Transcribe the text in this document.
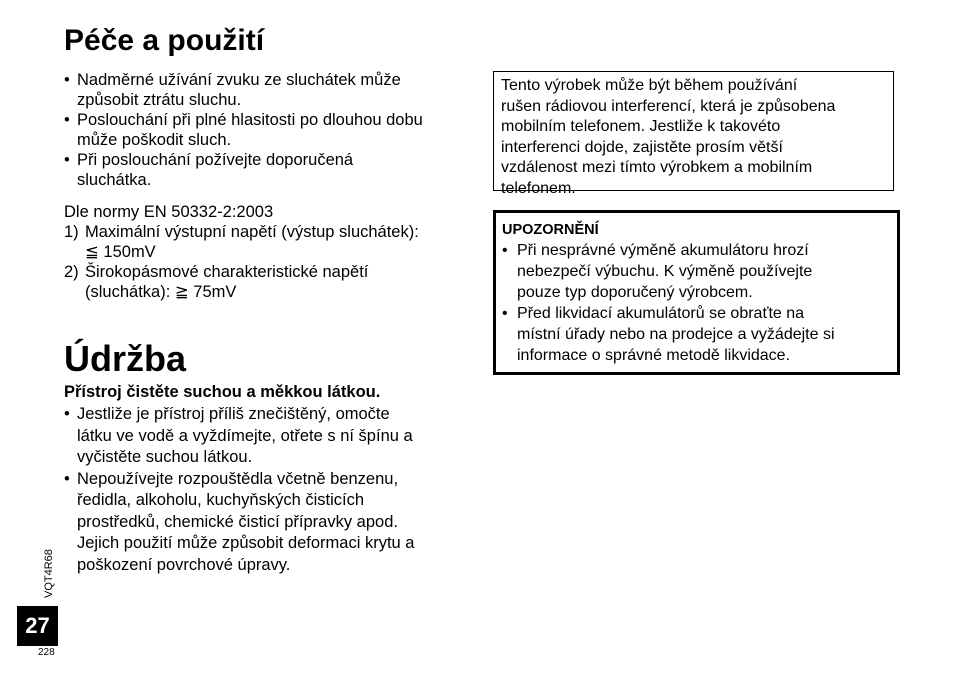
Péče a použití

• Nadměrné užívání zvuku ze sluchátek může
způsobit ztrátu sluchu.

• Poslouchání při plné hlasitosti po dlouhou dobu
může poškodit sluch.

• Při poslouchání požívejte doporučená
sluchátka.

Dle normy EN 50332-2:2003

1) Maximální výstupní napětí (výstup sluchátek):
≦ 150mV

2) Širokopásmové charakteristické napětí
(sluchátka): ≧ 75mV

Údržba

Přístroj čistěte suchou a měkkou látkou.

• Jestliže je přístroj příliš znečištěný, omočte
látku ve vodě a vyždímejte, otřete s ní špínu a
vyčistěte suchou látkou.

• Nepoužívejte rozpouštědla včetně benzenu,
ředidla, alkoholu, kuchyňských čisticích
prostředků, chemické čisticí přípravky apod.
Jejich použití může způsobit deformaci krytu a
poškození povrchové úpravy.

Tento výrobek může být během používání
rušen rádiovou interferencí, která je způsobena
mobilním telefonem. Jestliže k takovéto
interferenci dojde, zajistěte prosím větší
vzdálenost mezi tímto výrobkem a mobilním
telefonem.
UPOZORNĚNÍ

• Při nesprávné výměně akumulátoru hrozí
nebezpečí výbuchu. K výměně používejte
pouze typ doporučený výrobcem.

• Před likvidací akumulátorů se obraťte na
místní úřady nebo na prodejce a vyžádejte si
informace o správné metodě likvidace.

VQT4R68
27
228
